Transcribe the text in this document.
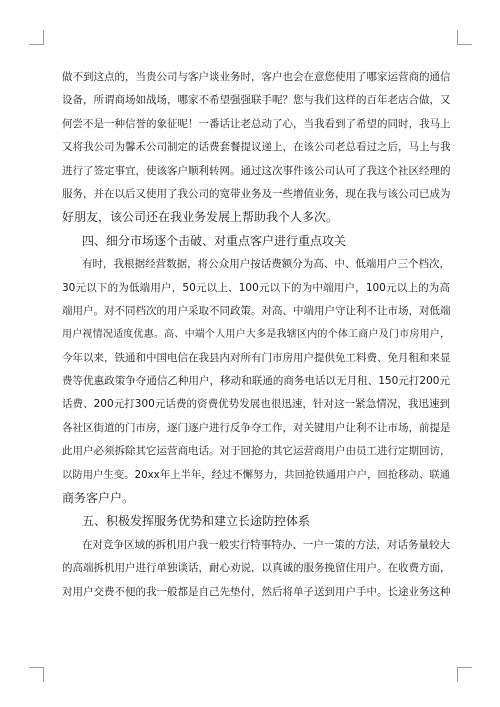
做不到这点的，当贵公司与客户谈业务时，客户也会在意您使用了哪家运营商的通信
设备，所谓商场如战场，哪家不希望强强联手呢？您与我们这样的百年老店合做，又
何尝不是一种信誉的象征呢！一番话让老总动了心，当我看到了希望的同时，我马上
又将我公司为馨禾公司制定的话费套餐提议递上，在该公司老总看过之后，马上与我
进行了签定事宜，使该客户顺利转网。通过这次事件该公司认可了我这个社区经理的
服务，并在以后又使用了我公司的宽带业务及一些增值业务，现在我与该公司已成为
好朋友，该公司还在我业务发展上帮助我个人多次。
四、细分市场逐个击破、对重点客户进行重点攻关
有时，我根据经营数据，将公众用户按话费额分为高、中、低端用户三个档次，
30元以下的为低端用户，50元以上、100元以下的为中端用户，100元以上的为高
端用户。对不同档次的用户采取不同政策。对高、中端用户守让利不让市场，对低端
用户视情况适度优惠。高、中端个人用户大多是我辖区内的个体工商户及门市房用户，
今年以来，铁通和中国电信在我县内对所有门市房用户提供免工料费、免月租和来显
费等优惠政策争夺通信乙种用户，移动和联通的商务电话以无月租、150元打200元
话费、200元打300元话费的资费优势发展也很迅速，针对这一紧急情况，我迅速到
各社区街道的门市房，逐门逐户进行反争夺工作，对关键用户让利不让市场，前提是
此用户必须拆除其它运营商电话。对于回抢的其它运营商用户由员工进行定期回访，
以防用户生变。20xx年上半年，经过不懈努力，共回抢铁通用户户，回抢移动、联通
商务客户户。
五、积极发挥服务优势和建立长途防控体系
在对竞争区域的拆机用户我一般实行特事特办、一户一策的方法，对话务量较大
的高端拆机用户进行单独谈话，耐心劝说，以真诚的服务挽留住用户。在收费方面，
对用户交费不便的我一般都是自己先垫付，然后将单子送到用户手中。长途业务这种
